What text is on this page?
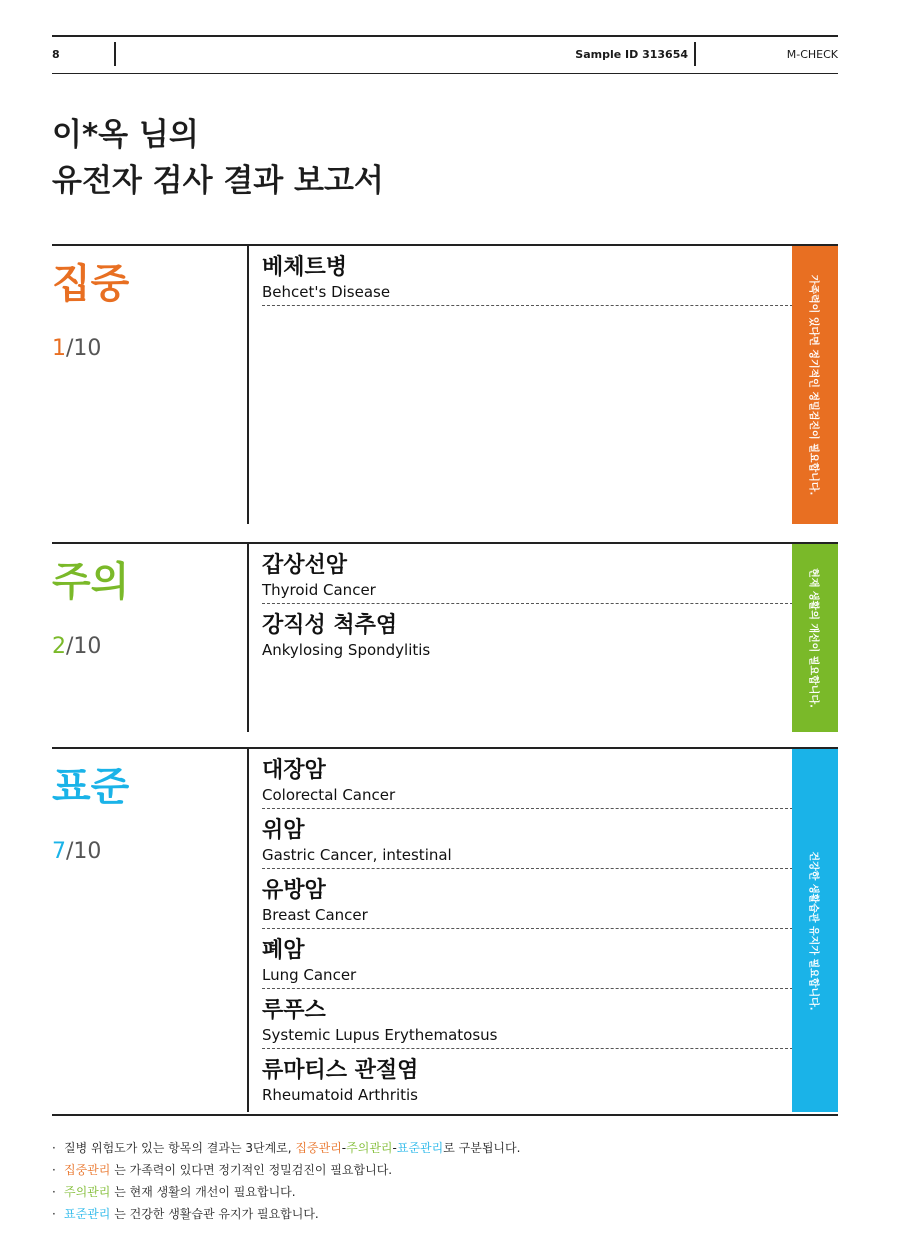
8	Sample ID 313654	M-CHECK
이*옥 님의
유전자 검사 결과 보고서
집중
1/10
베체트병
Behcet's Disease	가족력이 있다면 정기적인 정밀검진이 필요합니다.
주의
2/10
갑상선암
Thyroid Cancer
강직성 척추염
Ankylosing Spondylitis	현재 생활의 개선이 필요합니다.
표준
7/10
대장암
Colorectal Cancer
위암
Gastric Cancer, intestinal
유방암
Breast Cancer
폐암
Lung Cancer
루푸스
Systemic Lupus Erythematosus
류마티스 관절염
Rheumatoid Arthritis
건강한 생활습관 유지가 필요합니다.
· 질병 위험도가 있는 항목의 결과는 3단계로, 집중관리-주의관리-표준관리로 구분됩니다.
· 집중관리 는 가족력이 있다면 정기적인 정밀검진이 필요합니다.
· 주의관리 는 현재 생활의 개선이 필요합니다.
· 표준관리 는 건강한 생활습관 유지가 필요합니다.
